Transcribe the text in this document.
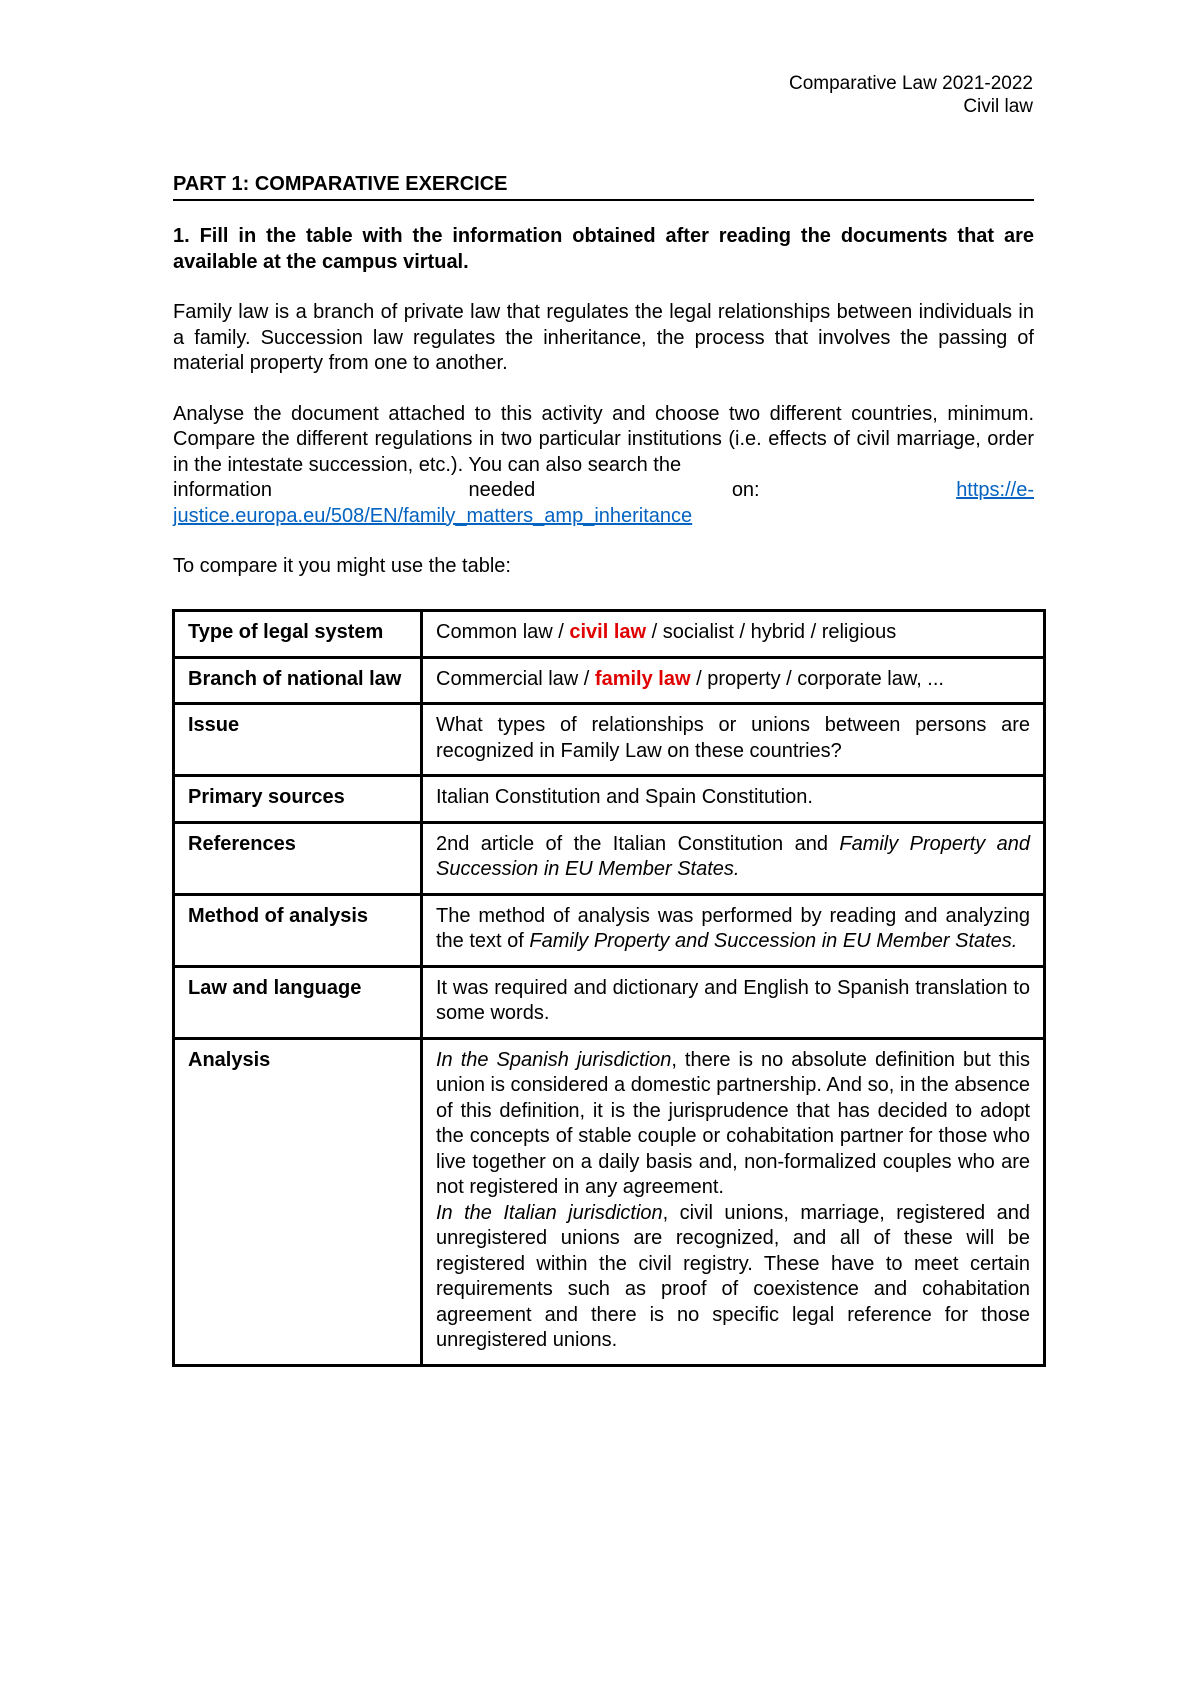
Comparative Law 2021-2022
Civil law
PART 1: COMPARATIVE EXERCICE

1. Fill in the table with the information obtained after reading the documents that are available at the campus virtual.

Family law is a branch of private law that regulates the legal relationships between individuals in a family. Succession law regulates the inheritance, the process that involves the passing of material property from one to another.

Analyse the document attached to this activity and choose two different countries, minimum. Compare the different regulations in two particular institutions (i.e. effects of civil marriage, order in the intestate succession, etc.). You can also search the
information	needed	on:	https://e-
justice.europa.eu/508/EN/family_matters_amp_inheritance

To compare it you might use the table:

Type of legal system	Common law / civil law / socialist / hybrid / religious
Branch of national law	Commercial law / family law / property / corporate law, ...
Issue	What types of relationships or unions between persons are recognized in Family Law on these countries?
Primary sources	Italian Constitution and Spain Constitution.
References	2nd article of the Italian Constitution and Family Property and Succession in EU Member States.
Method of analysis	The method of analysis was performed by reading and analyzing the text of Family Property and Succession in EU Member States.
Law and language	It was required and dictionary and English to Spanish translation to some words.
Analysis	In the Spanish jurisdiction, there is no absolute definition but this union is considered a domestic partnership. And so, in the absence of this definition, it is the jurisprudence that has decided to adopt the concepts of stable couple or cohabitation partner for those who live together on a daily basis and, non-formalized couples who are not registered in any agreement.
In the Italian jurisdiction, civil unions, marriage, registered and unregistered unions are recognized, and all of these will be registered within the civil registry. These have to meet certain requirements such as proof of coexistence and cohabitation agreement and there is no specific legal reference for those unregistered unions.
